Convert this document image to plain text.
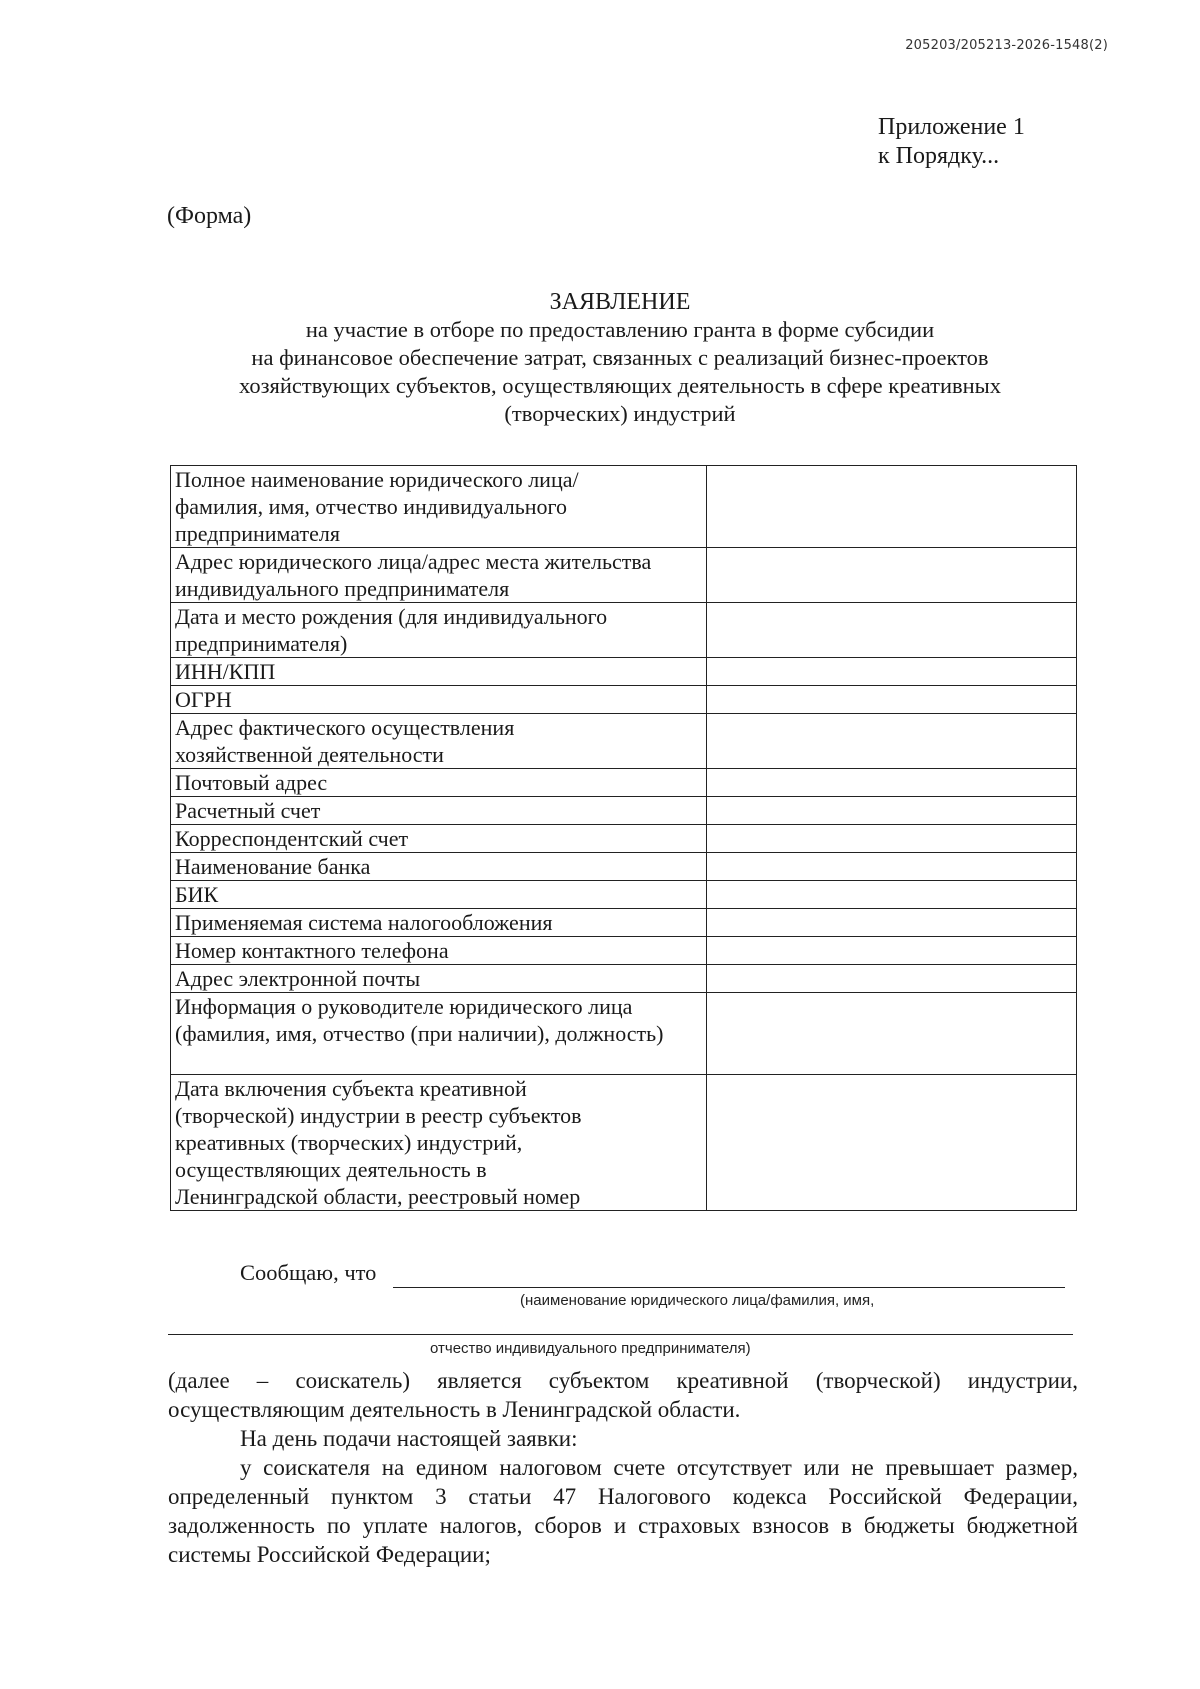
205203/205213-2026-1548(2)
Приложение 1
к Порядку...
(Форма)
ЗАЯВЛЕНИЕ
на участие в отборе по предоставлению гранта в форме субсидии
на финансовое обеспечение затрат, связанных с реализаций бизнес-проектов
хозяйствующих субъектов, осуществляющих деятельность в сфере креативных
(творческих) индустрий
Полное наименование юридического лица/фамилия, имя, отчество индивидуального предпринимателя	

Адрес юридического лица/адрес места жительства индивидуального предпринимателя	

Дата и место рождения (для индивидуального предпринимателя)	

ИНН/КПП	

ОГРН	

Адрес фактического осуществления хозяйственной деятельности	

Почтовый адрес	

Расчетный счет	

Корреспондентский счет	

Наименование банка	

БИК	

Применяемая система налогообложения	

Номер контактного телефона	

Адрес электронной почты	

Информация о руководителе юридического лица (фамилия, имя, отчество (при наличии), должность)	

Дата включения субъекта креативной (творческой) индустрии в реестр субъектов креативных (творческих) индустрий, осуществляющих деятельность в Ленинградской области, реестровый номер	

Сообщаю, что
(наименование юридического лица/фамилия, имя,
отчество индивидуального предпринимателя)

(далее – соискатель) является субъектом креативной (творческой) индустрии, осуществляющим деятельность в Ленинградской области.

На день подачи настоящей заявки:

у соискателя на едином налоговом счете отсутствует или не превышает размер, определенный пунктом 3 статьи 47 Налогового кодекса Российской Федерации, задолженность по уплате налогов, сборов и страховых взносов в бюджеты бюджетной системы Российской Федерации;
